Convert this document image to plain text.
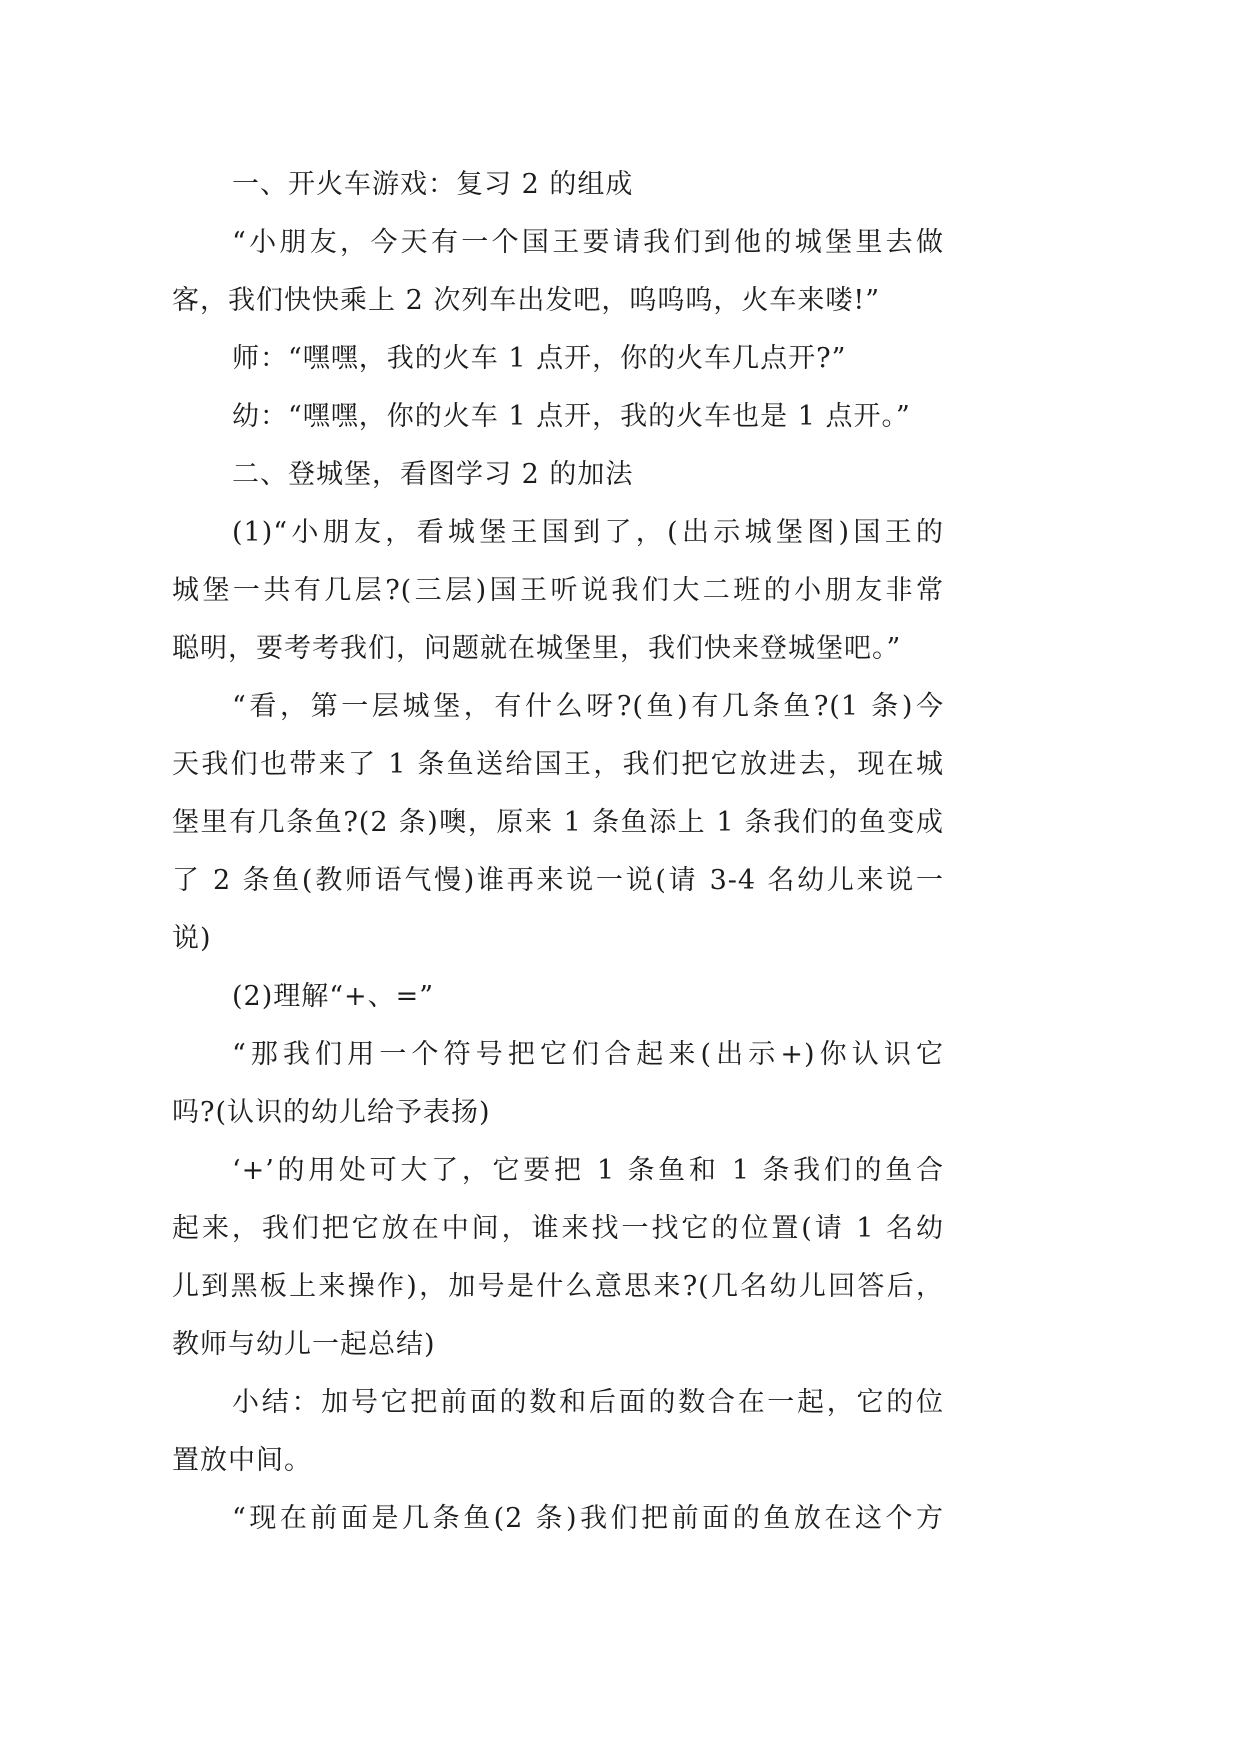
一、开火车游戏：复习 2 的组成
“小朋友，今天有一个国王要请我们到他的城堡里去做
客，我们快快乘上 2 次列车出发吧，呜呜呜，火车来喽!”
师：“嘿嘿，我的火车 1 点开，你的火车几点开?”
幼：“嘿嘿，你的火车 1 点开，我的火车也是 1 点开。”
二、登城堡，看图学习 2 的加法
(1)“小朋友，看城堡王国到了，(出示城堡图)国王的
城堡一共有几层?(三层)国王听说我们大二班的小朋友非常
聪明，要考考我们，问题就在城堡里，我们快来登城堡吧。”
“看，第一层城堡，有什么呀?(鱼)有几条鱼?(1 条)今
天我们也带来了 1 条鱼送给国王，我们把它放进去，现在城
堡里有几条鱼?(2 条)噢，原来 1 条鱼添上 1 条我们的鱼变成
了 2 条鱼(教师语气慢)谁再来说一说(请 3-4 名幼儿来说一
说)
(2)理解“+、=”
“那我们用一个符号把它们合起来(出示+)你认识它
吗?(认识的幼儿给予表扬)
‘+’的用处可大了，它要把 1 条鱼和 1 条我们的鱼合
起来，我们把它放在中间，谁来找一找它的位置(请 1 名幼
儿到黑板上来操作)，加号是什么意思来?(几名幼儿回答后，
教师与幼儿一起总结)
小结：加号它把前面的数和后面的数合在一起，它的位
置放中间。
“现在前面是几条鱼(2 条)我们把前面的鱼放在这个方
